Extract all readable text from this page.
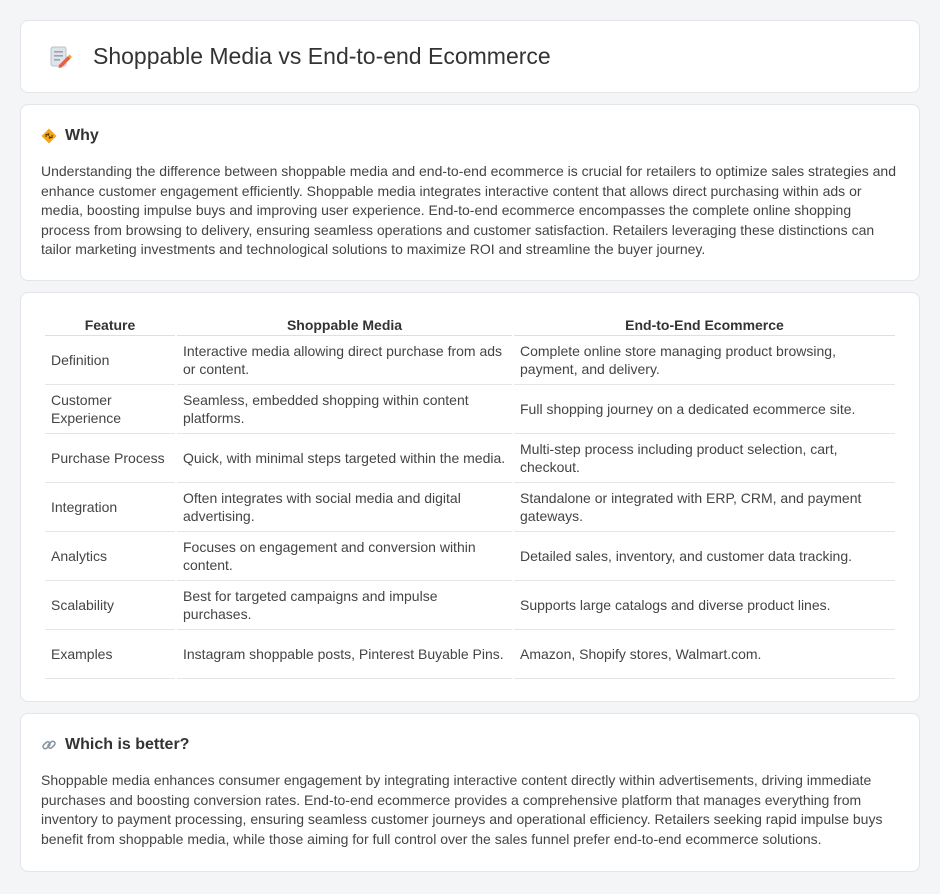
Shoppable Media vs End-to-end Ecommerce
Why

Understanding the difference between shoppable media and end-to-end ecommerce is crucial for retailers to optimize sales strategies and enhance customer engagement efficiently. Shoppable media integrates interactive content that allows direct purchasing within ads or media, boosting impulse buys and improving user experience. End-to-end ecommerce encompasses the complete online shopping process from browsing to delivery, ensuring seamless operations and customer satisfaction. Retailers leveraging these distinctions can tailor marketing investments and technological solutions to maximize ROI and streamline the buyer journey.

Feature	Shoppable Media	End-to-End Ecommerce
Definition	Interactive media allowing direct purchase from ads or content.	Complete online store managing product browsing, payment, and delivery.
Customer Experience	Seamless, embedded shopping within content platforms.	Full shopping journey on a dedicated ecommerce site.
Purchase Process	Quick, with minimal steps targeted within the media.	Multi-step process including product selection, cart, checkout.
Integration	Often integrates with social media and digital advertising.	Standalone or integrated with ERP, CRM, and payment gateways.
Analytics	Focuses on engagement and conversion within content.	Detailed sales, inventory, and customer data tracking.
Scalability	Best for targeted campaigns and impulse purchases.	Supports large catalogs and diverse product lines.
Examples	Instagram shoppable posts, Pinterest Buyable Pins.	Amazon, Shopify stores, Walmart.com.
Which is better?

Shoppable media enhances consumer engagement by integrating interactive content directly within advertisements, driving immediate purchases and boosting conversion rates. End-to-end ecommerce provides a comprehensive platform that manages everything from inventory to payment processing, ensuring seamless customer journeys and operational efficiency. Retailers seeking rapid impulse buys benefit from shoppable media, while those aiming for full control over the sales funnel prefer end-to-end ecommerce solutions.
